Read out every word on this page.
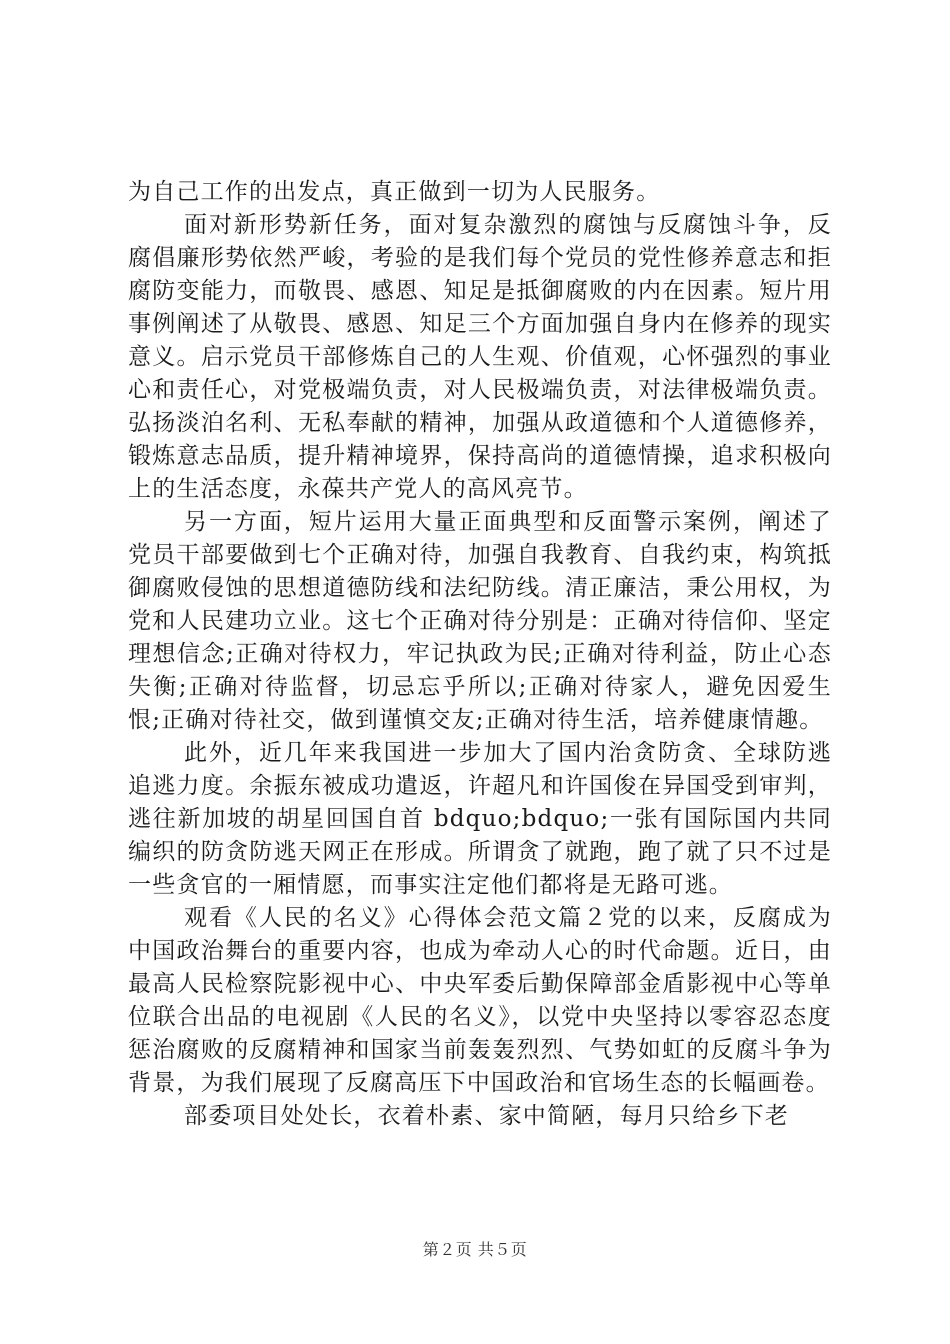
为自己工作的出发点，真正做到一切为人民服务。

面对新形势新任务，面对复杂激烈的腐蚀与反腐蚀斗争，反腐倡廉形势依然严峻，考验的是我们每个党员的党性修养意志和拒腐防变能力，而敬畏、感恩、知足是抵御腐败的内在因素。短片用事例阐述了从敬畏、感恩、知足三个方面加强自身内在修养的现实意义。启示党员干部修炼自己的人生观、价值观，心怀强烈的事业心和责任心，对党极端负责，对人民极端负责，对法律极端负责。弘扬淡泊名利、无私奉献的精神，加强从政道德和个人道德修养，锻炼意志品质，提升精神境界，保持高尚的道德情操，追求积极向上的生活态度，永葆共产党人的高风亮节。

另一方面，短片运用大量正面典型和反面警示案例，阐述了党员干部要做到七个正确对待，加强自我教育、自我约束，构筑抵御腐败侵蚀的思想道德防线和法纪防线。清正廉洁，秉公用权，为党和人民建功立业。这七个正确对待分别是：正确对待信仰、坚定理想信念;正确对待权力，牢记执政为民;正确对待利益，防止心态失衡;正确对待监督，切忌忘乎所以;正确对待家人，避免因爱生恨;正确对待社交，做到谨慎交友;正确对待生活，培养健康情趣。

此外，近几年来我国进一步加大了国内治贪防贪、全球防逃追逃力度。余振东被成功遣返，许超凡和许国俊在异国受到审判，逃往新加坡的胡星回国自首 bdquo;bdquo;一张有国际国内共同编织的防贪防逃天网正在形成。所谓贪了就跑，跑了就了只不过是一些贪官的一厢情愿，而事实注定他们都将是无路可逃。

观看《人民的名义》心得体会范文篇２党的以来，反腐成为中国政治舞台的重要内容，也成为牵动人心的时代命题。近日，由最高人民检察院影视中心、中央军委后勤保障部金盾影视中心等单位联合出品的电视剧《人民的名义》，以党中央坚持以零容忍态度惩治腐败的反腐精神和国家当前轰轰烈烈、气势如虹的反腐斗争为背景，为我们展现了反腐高压下中国政治和官场生态的长幅画卷。

部委项目处处长，衣着朴素、家中简陋，每月只给乡下老

第２页 共５页
